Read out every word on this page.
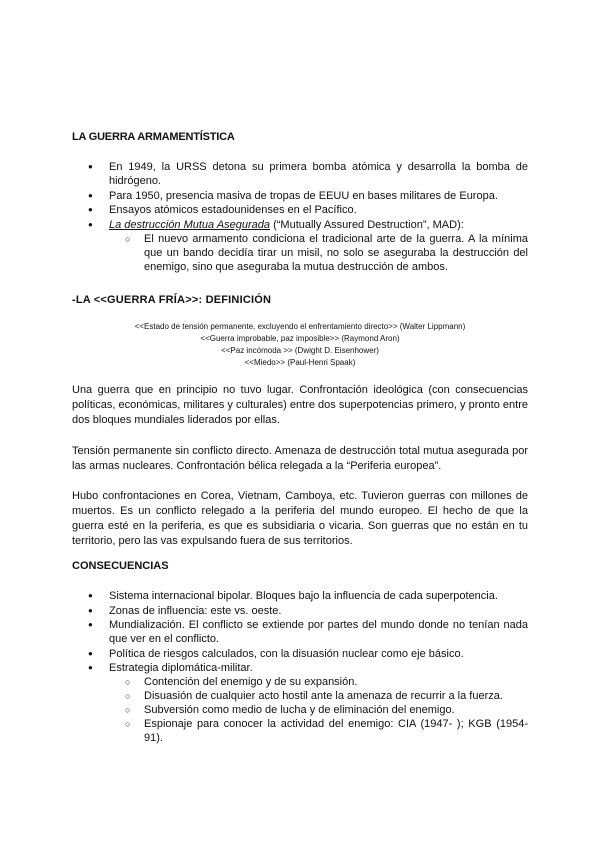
LA GUERRA ARMAMENTÍSTICA
● En 1949, la URSS detona su primera bomba atómica y desarrolla la bomba de hidrógeno.
● Para 1950, presencia masiva de tropas de EEUU en bases militares de Europa.
● Ensayos atómicos estadounidenses en el Pacífico.
● La destrucción Mutua Asegurada (“Mutually Assured Destruction”, MAD):
○ El nuevo armamento condiciona el tradicional arte de la guerra. A la mínima que un bando decidía tirar un misil, no solo se aseguraba la destrucción del enemigo, sino que aseguraba la mutua destrucción de ambos.
-LA <<GUERRA FRÍA>>: DEFINICIÓN
<<Estado de tensión permanente, excluyendo el enfrentamiento directo>> (Walter Lippmann)
<<Guerra improbable, paz imposible>> (Raymond Aron)
<<Paz incómoda >> (Dwight D. Eisenhower)
<<Miedo>> (Paul-Henri Spaak)

Una guerra que en principio no tuvo lugar. Confrontación ideológica (con consecuencias políticas, económicas, militares y culturales) entre dos superpotencias primero, y pronto entre dos bloques mundiales liderados por ellas.

Tensión permanente sin conflicto directo. Amenaza de destrucción total mutua asegurada por las armas nucleares. Confrontación bélica relegada a la “Periferia europea”.

Hubo confrontaciones en Corea, Vietnam, Camboya, etc. Tuvieron guerras con millones de muertos. Es un conflicto relegado a la periferia del mundo europeo. El hecho de que la guerra esté en la periferia, es que es subsidiaria o vicaria. Son guerras que no están en tu territorio, pero las vas expulsando fuera de sus territorios.

CONSECUENCIAS
● Sistema internacional bipolar. Bloques bajo la influencia de cada superpotencia.
● Zonas de influencia: este vs. oeste.
● Mundialización. El conflicto se extiende por partes del mundo donde no tenían nada que ver en el conflicto.
● Política de riesgos calculados, con la disuasión nuclear como eje básico.
● Estrategia diplomática-militar.
○ Contención del enemigo y de su expansión.
○ Disuasión de cualquier acto hostil ante la amenaza de recurrir a la fuerza.
○ Subversión como medio de lucha y de eliminación del enemigo.
○ Espionaje para conocer la actividad del enemigo: CIA (1947- ); KGB (1954-91).
